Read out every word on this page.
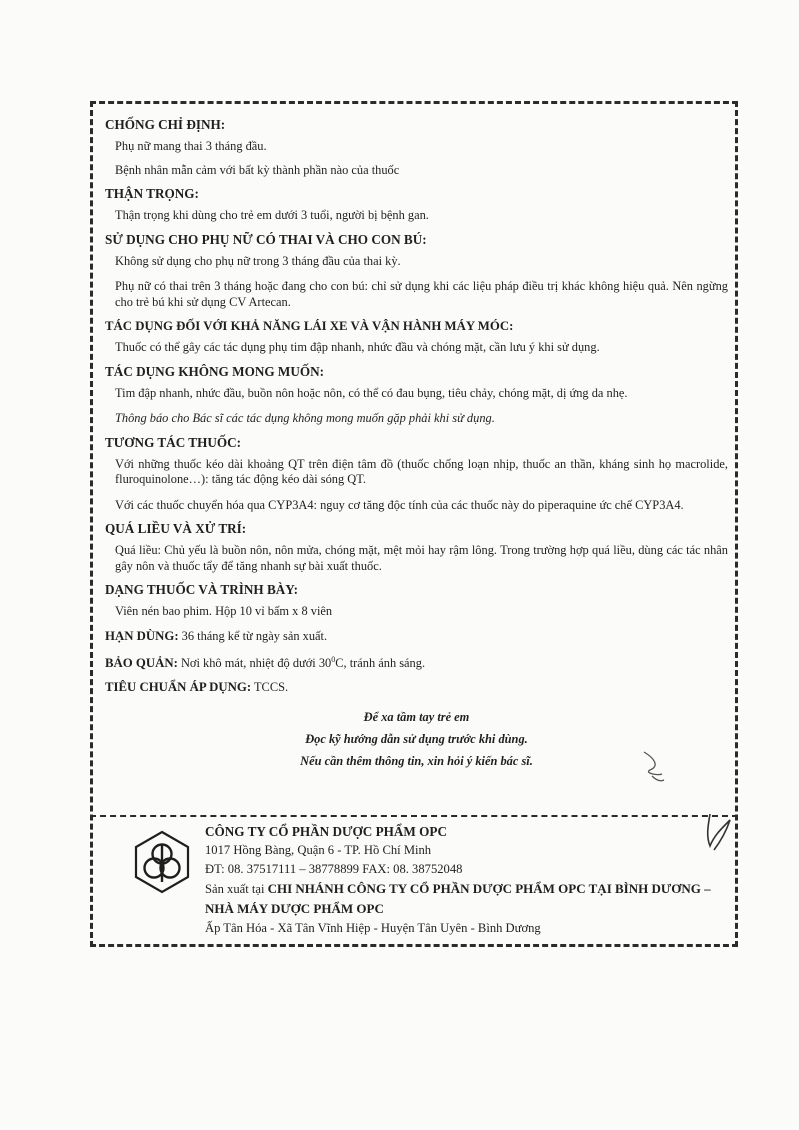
CHỐNG CHỈ ĐỊNH:

Phụ nữ mang thai 3 tháng đầu.

Bệnh nhân mẫn cảm với bất kỳ thành phần nào của thuốc

THẬN TRỌNG:

Thận trọng khi dùng cho trẻ em dưới 3 tuổi, người bị bệnh gan.

SỬ DỤNG CHO PHỤ NỮ CÓ THAI VÀ CHO CON BÚ:

Không sử dụng cho phụ nữ trong 3 tháng đầu của thai kỳ.

Phụ nữ có thai trên 3 tháng hoặc đang cho con bú: chỉ sử dụng khi các liệu pháp điều trị khác không hiệu quả. Nên ngừng cho trẻ bú khi sử dụng CV Artecan.

TÁC DỤNG ĐỐI VỚI KHẢ NĂNG LÁI XE VÀ VẬN HÀNH MÁY MÓC:

Thuốc có thể gây các tác dụng phụ tim đập nhanh, nhức đầu và chóng mặt, cần lưu ý khi sử dụng.

TÁC DỤNG KHÔNG MONG MUỐN:

Tim đập nhanh, nhức đầu, buồn nôn hoặc nôn, có thể có đau bụng, tiêu chảy, chóng mặt, dị ứng da nhẹ.

Thông báo cho Bác sĩ các tác dụng không mong muốn gặp phải khi sử dụng.

TƯƠNG TÁC THUỐC:

Với những thuốc kéo dài khoảng QT trên điện tâm đồ (thuốc chống loạn nhịp, thuốc an thần, kháng sinh họ macrolide, fluroquinolone…): tăng tác động kéo dài sóng QT.

Với các thuốc chuyển hóa qua CYP3A4: nguy cơ tăng độc tính của các thuốc này do piperaquine ức chế CYP3A4.

QUÁ LIỀU VÀ XỬ TRÍ:

Quá liều: Chủ yếu là buồn nôn, nôn mửa, chóng mặt, mệt mỏi hay rậm lông. Trong trường hợp quá liều, dùng các tác nhân gây nôn và thuốc tẩy để tăng nhanh sự bài xuất thuốc.

DẠNG THUỐC VÀ TRÌNH BÀY:

Viên nén bao phim. Hộp 10 vỉ bấm x 8 viên

HẠN DÙNG: 36 tháng kể từ ngày sản xuất.

BẢO QUẢN: Nơi khô mát, nhiệt độ dưới $30^0C$, tránh ánh sáng.

TIÊU CHUẨN ÁP DỤNG: TCCS.

Để xa tầm tay trẻ em
Đọc kỹ hướng dẫn sử dụng trước khi dùng.
Nếu cần thêm thông tin, xin hỏi ý kiến bác sĩ.
CÔNG TY CỔ PHẦN DƯỢC PHẨM OPC
1017 Hồng Bàng, Quận 6 - TP. Hồ Chí Minh
ĐT: 08. 37517111 – 38778899 FAX: 08. 38752048
Sản xuất tại CHI NHÁNH CÔNG TY CỔ PHẦN DƯỢC PHẨM OPC TẠI BÌNH DƯƠNG – NHÀ MÁY DƯỢC PHẨM OPC
Ấp Tân Hóa - Xã Tân Vĩnh Hiệp - Huyện Tân Uyên - Bình Dương
